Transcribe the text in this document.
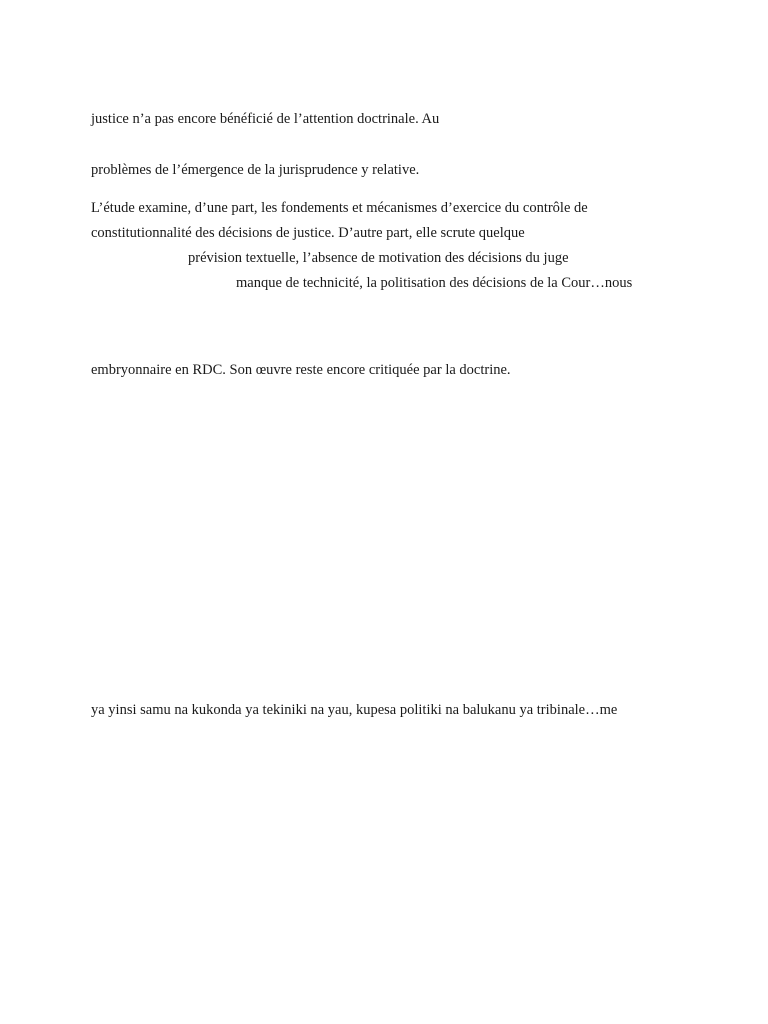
justice n’a pas encore bénéficié de l’attention doctrinale. Au

problèmes de l’émergence de la jurisprudence y relative.

L’étude examine, d’une part, les fondements et mécanismes d’exercice du contrôle de

constitutionnalité des décisions de justice. D’autre part, elle scrute quelque

prévision textuelle, l’absence de motivation des décisions du juge

manque de technicité, la politisation des décisions de la Cour…nous

embryonnaire en RDC. Son œuvre reste encore critiquée par la doctrine.

ya yinsi samu na kukonda ya tekiniki na yau, kupesa politiki na balukanu ya tribinale…me
